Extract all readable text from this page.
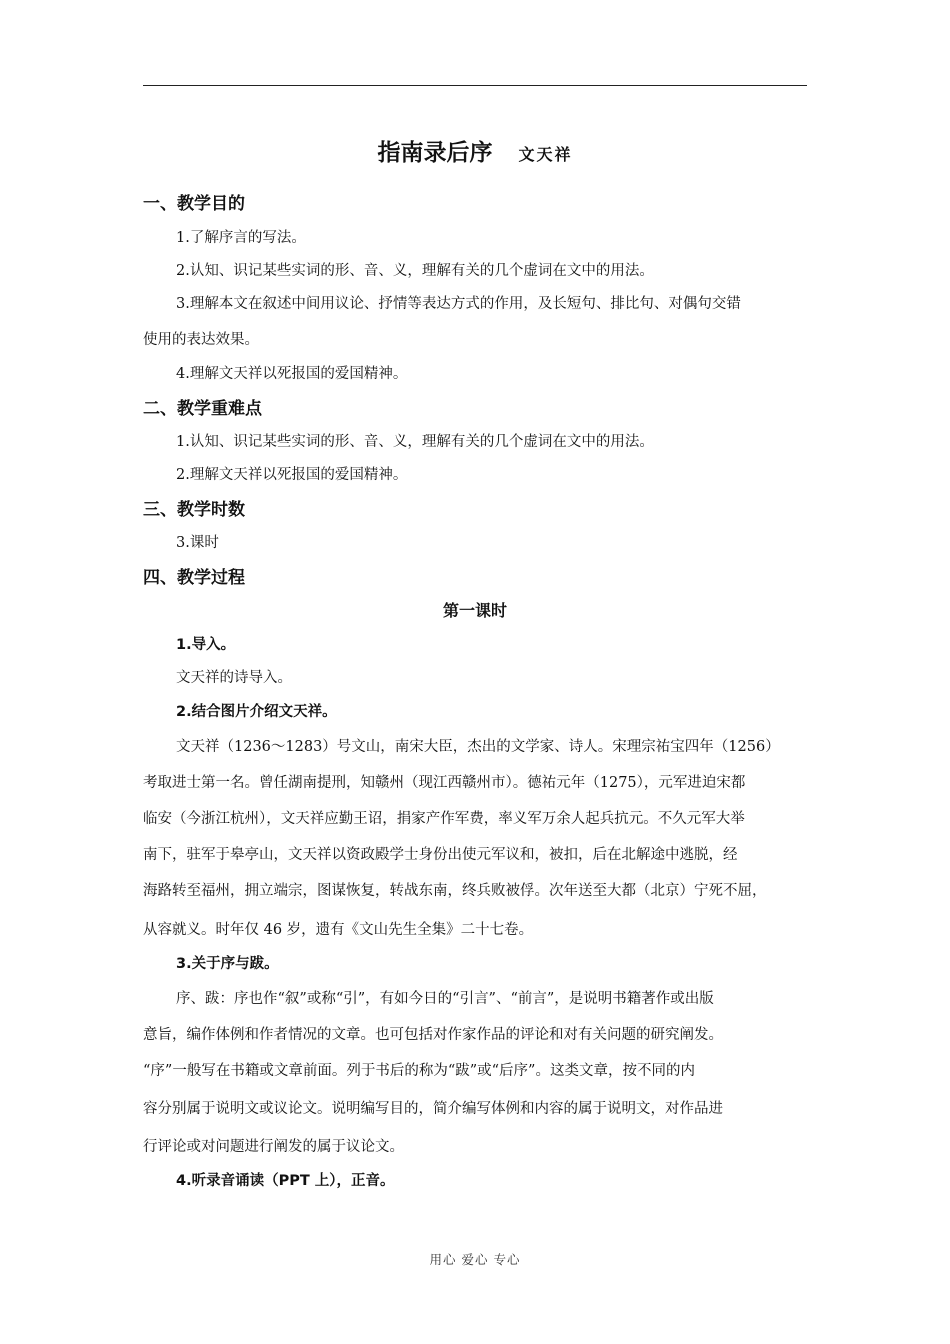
指南录后序 文天祥
一、教学目的
1.了解序言的写法。
2.认知、识记某些实词的形、音、义，理解有关的几个虚词在文中的用法。
3.理解本文在叙述中间用议论、抒情等表达方式的作用，及长短句、排比句、对偶句交错
使用的表达效果。
4.理解文天祥以死报国的爱国精神。
二、教学重难点
1.认知、识记某些实词的形、音、义，理解有关的几个虚词在文中的用法。
2.理解文天祥以死报国的爱国精神。
三、教学时数
3.课时
四、教学过程
第一课时
1.导入。
文天祥的诗导入。
2.结合图片介绍文天祥。
文天祥（1236～1283）号文山，南宋大臣，杰出的文学家、诗人。宋理宗祐宝四年（1256）
考取进士第一名。曾任湖南提刑，知赣州（现江西赣州市）。德祐元年（1275），元军进迫宋都
临安（今浙江杭州），文天祥应勤王诏，捐家产作军费，率义军万余人起兵抗元。不久元军大举
南下，驻军于皋亭山，文天祥以资政殿学士身份出使元军议和，被扣，后在北解途中逃脱，经
海路转至福州，拥立端宗，图谋恢复，转战东南，终兵败被俘。次年送至大都（北京）宁死不屈，
从容就义。时年仅 46 岁，遗有《文山先生全集》二十七卷。
3.关于序与跋。
序、跋：序也作“叙”或称“引”，有如今日的“引言”、“前言”，是说明书籍著作或出版
意旨，编作体例和作者情况的文章。也可包括对作家作品的评论和对有关问题的研究阐发。
“序”一般写在书籍或文章前面。列于书后的称为“跋”或“后序”。这类文章，按不同的内
容分别属于说明文或议论文。说明编写目的，简介编写体例和内容的属于说明文，对作品进
行评论或对问题进行阐发的属于议论文。
4.听录音诵读（PPT 上），正音。
用心 爱心 专心
